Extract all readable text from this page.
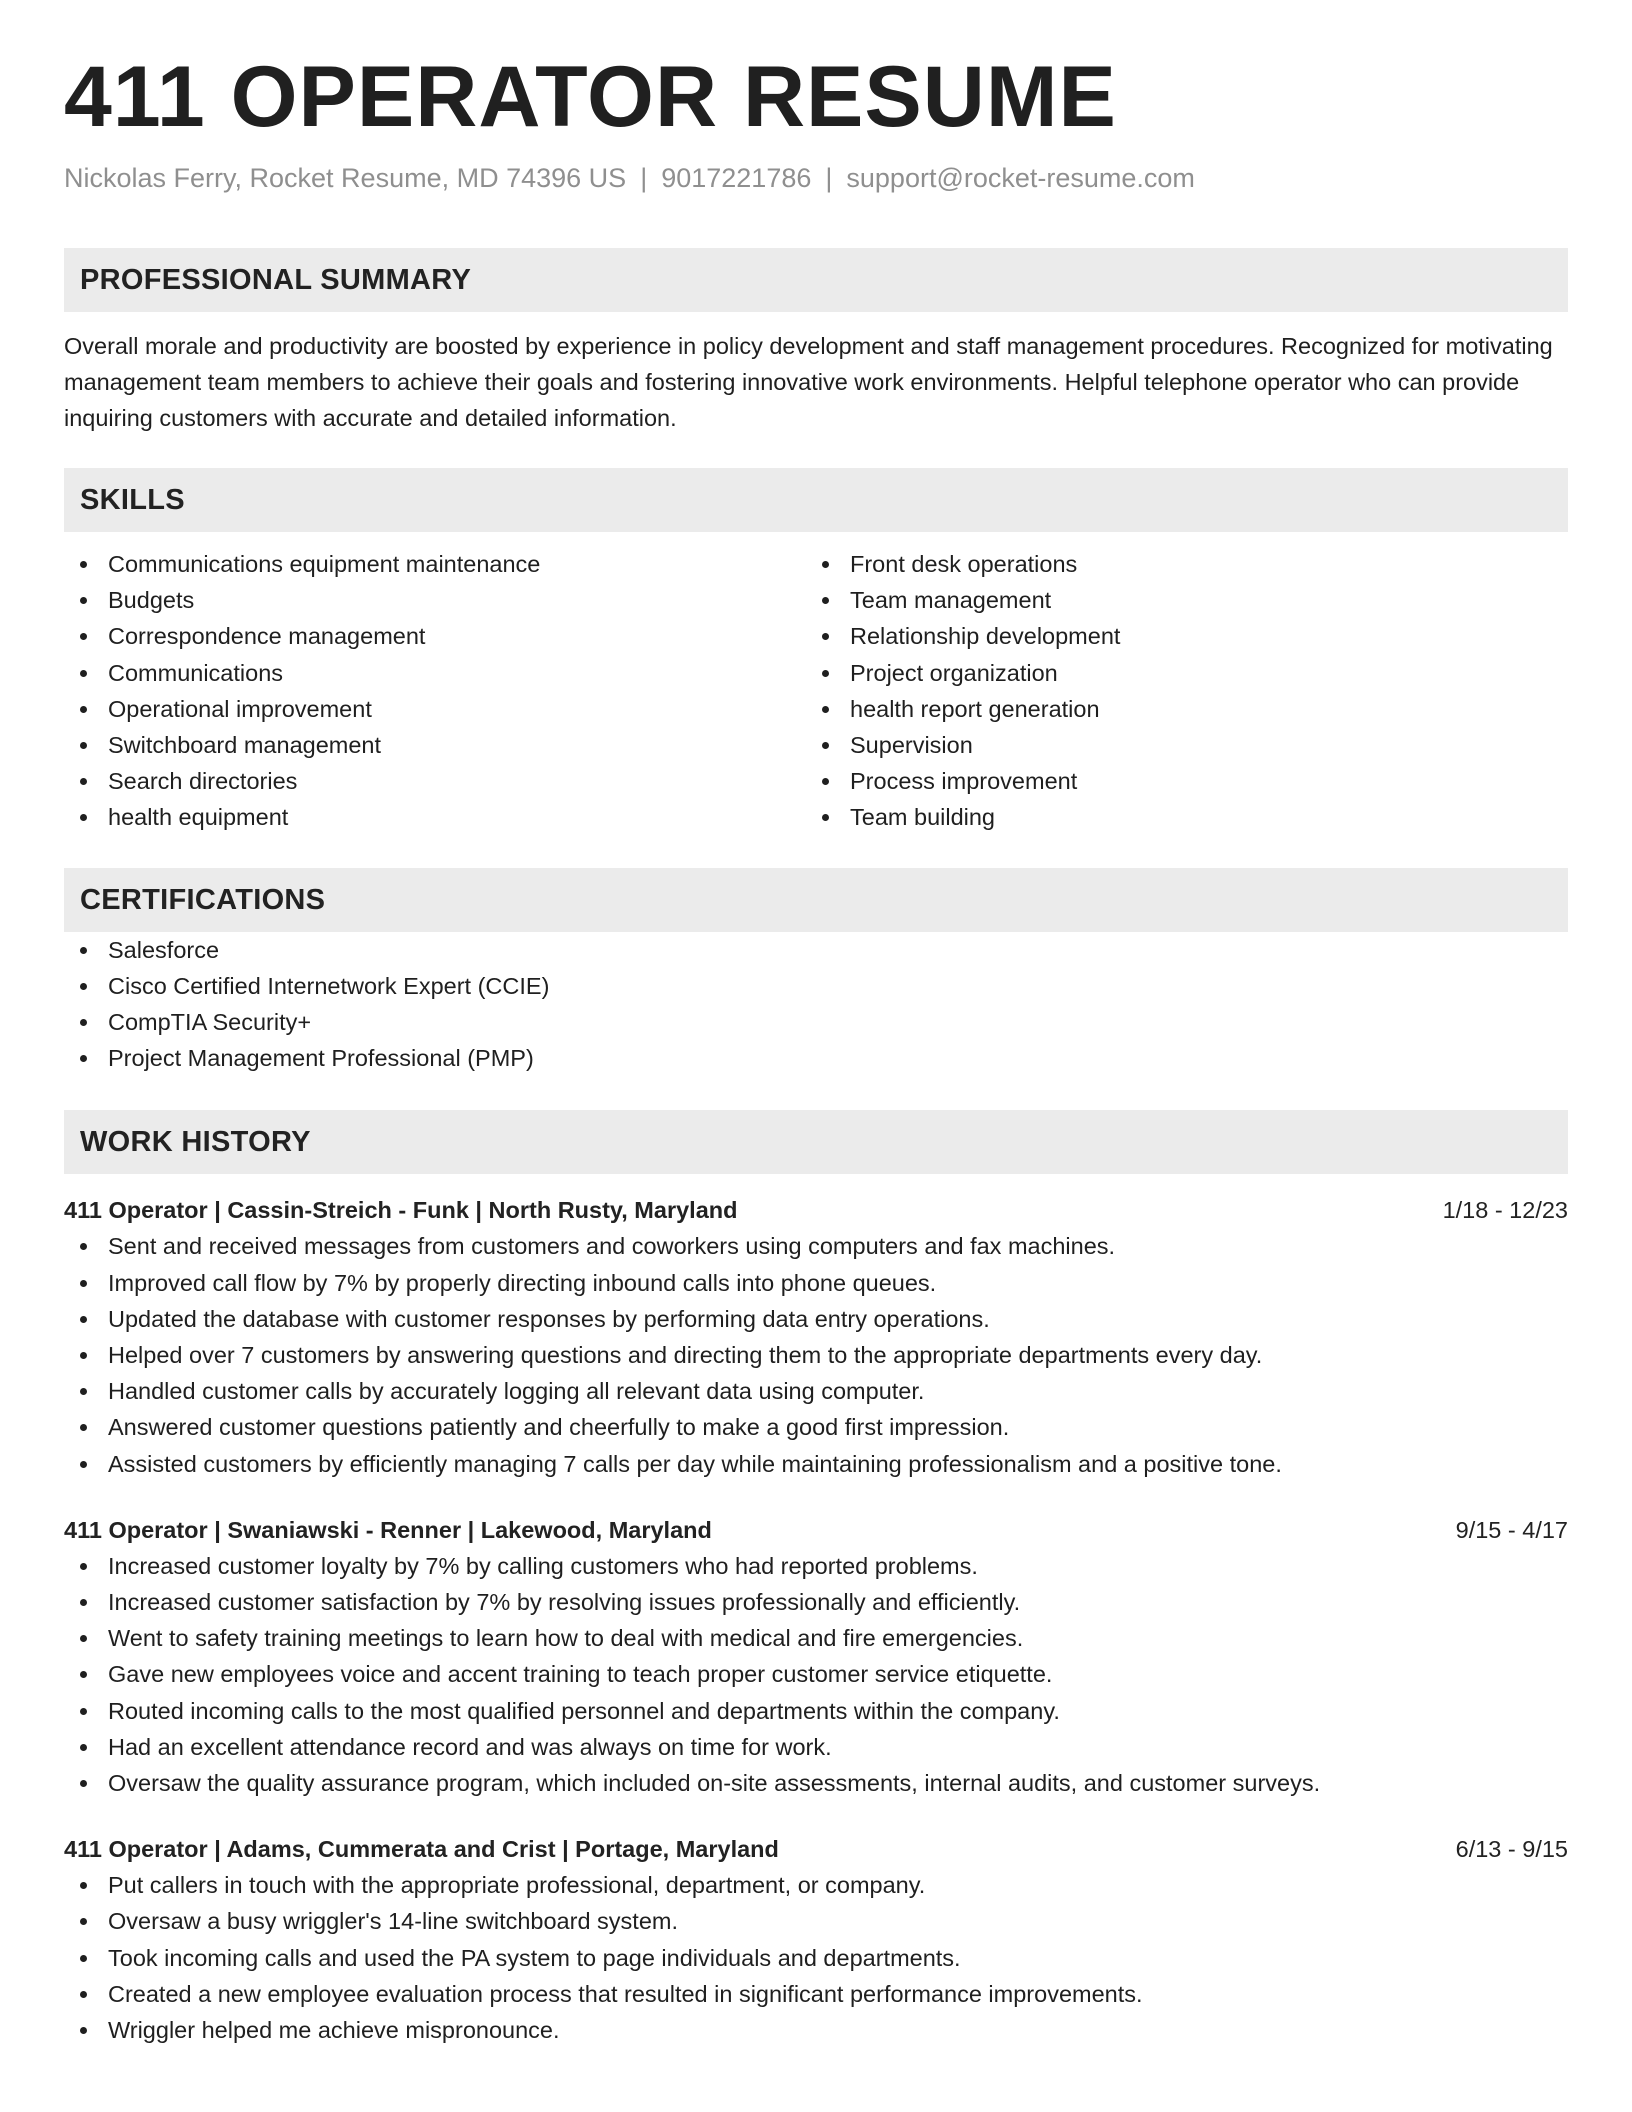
411 OPERATOR RESUME
Nickolas Ferry, Rocket Resume, MD 74396 US | 9017221786 | support@rocket-resume.com
PROFESSIONAL SUMMARY

Overall morale and productivity are boosted by experience in policy development and staff management procedures. Recognized for motivating management team members to achieve their goals and fostering innovative work environments. Helpful telephone operator who can provide inquiring customers with accurate and detailed information.

SKILLS
Communications equipment maintenance
Budgets
Correspondence management
Communications
Operational improvement
Switchboard management
Search directories
health equipment
Front desk operations
Team management
Relationship development
Project organization
health report generation
Supervision
Process improvement
Team building
CERTIFICATIONS
Salesforce
Cisco Certified Internetwork Expert (CCIE)
CompTIA Security+
Project Management Professional (PMP)
WORK HISTORY
411 Operator | Cassin-Streich - Funk | North Rusty, Maryland	1/18 - 12/23
Sent and received messages from customers and coworkers using computers and fax machines.
Improved call flow by 7% by properly directing inbound calls into phone queues.
Updated the database with customer responses by performing data entry operations.
Helped over 7 customers by answering questions and directing them to the appropriate departments every day.
Handled customer calls by accurately logging all relevant data using computer.
Answered customer questions patiently and cheerfully to make a good first impression.
Assisted customers by efficiently managing 7 calls per day while maintaining professionalism and a positive tone.
411 Operator | Swaniawski - Renner | Lakewood, Maryland	9/15 - 4/17
Increased customer loyalty by 7% by calling customers who had reported problems.
Increased customer satisfaction by 7% by resolving issues professionally and efficiently.
Went to safety training meetings to learn how to deal with medical and fire emergencies.
Gave new employees voice and accent training to teach proper customer service etiquette.
Routed incoming calls to the most qualified personnel and departments within the company.
Had an excellent attendance record and was always on time for work.
Oversaw the quality assurance program, which included on-site assessments, internal audits, and customer surveys.
411 Operator | Adams, Cummerata and Crist | Portage, Maryland	6/13 - 9/15
Put callers in touch with the appropriate professional, department, or company.
Oversaw a busy wriggler's 14-line switchboard system.
Took incoming calls and used the PA system to page individuals and departments.
Created a new employee evaluation process that resulted in significant performance improvements.
Wriggler helped me achieve mispronounce.
